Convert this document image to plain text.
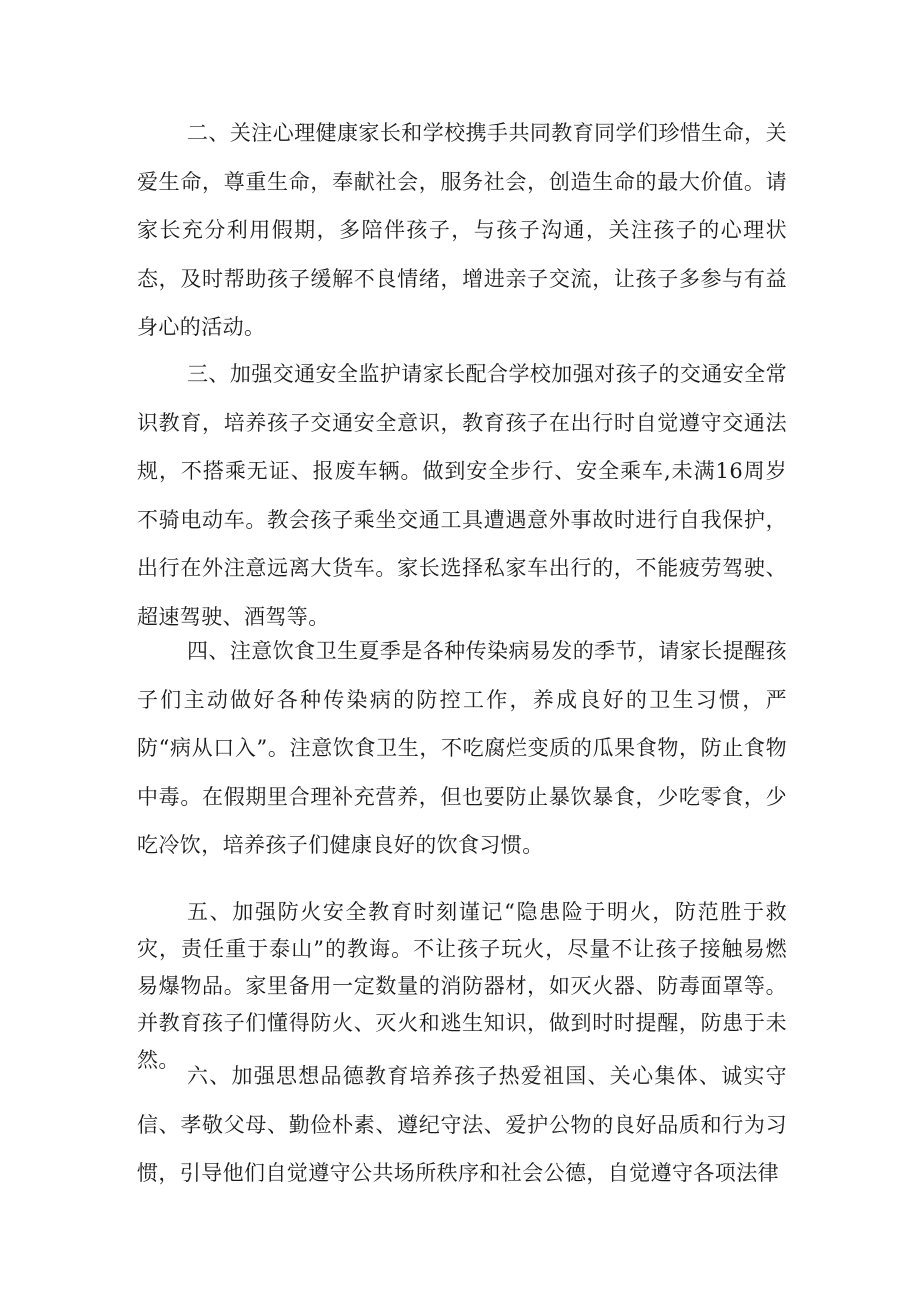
二、关注心理健康家长和学校携手共同教育同学们珍惜生命，关爱生命，尊重生命，奉献社会，服务社会，创造生命的最大价值。请家长充分利用假期，多陪伴孩子，与孩子沟通，关注孩子的心理状态，及时帮助孩子缓解不良情绪，增进亲子交流，让孩子多参与有益身心的活动。

三、加强交通安全监护请家长配合学校加强对孩子的交通安全常识教育，培养孩子交通安全意识，教育孩子在出行时自觉遵守交通法规，不搭乘无证、报废车辆。做到安全步行、安全乘车,未满16周岁不骑电动车。教会孩子乘坐交通工具遭遇意外事故时进行自我保护，出行在外注意远离大货车。家长选择私家车出行的，不能疲劳驾驶、超速驾驶、酒驾等。

四、注意饮食卫生夏季是各种传染病易发的季节，请家长提醒孩子们主动做好各种传染病的防控工作，养成良好的卫生习惯，严防“病从口入”。注意饮食卫生，不吃腐烂变质的瓜果食物，防止食物中毒。在假期里合理补充营养，但也要防止暴饮暴食，少吃零食，少吃冷饮，培养孩子们健康良好的饮食习惯。

五、加强防火安全教育时刻谨记“隐患险于明火，防范胜于救灾，责任重于泰山”的教诲。不让孩子玩火，尽量不让孩子接触易燃易爆物品。家里备用一定数量的消防器材，如灭火器、防毒面罩等。并教育孩子们懂得防火、灭火和逃生知识，做到时时提醒，防患于未然。

六、加强思想品德教育培养孩子热爱祖国、关心集体、诚实守信、孝敬父母、勤俭朴素、遵纪守法、爱护公物的良好品质和行为习惯，引导他们自觉遵守公共场所秩序和社会公德，自觉遵守各项法律
